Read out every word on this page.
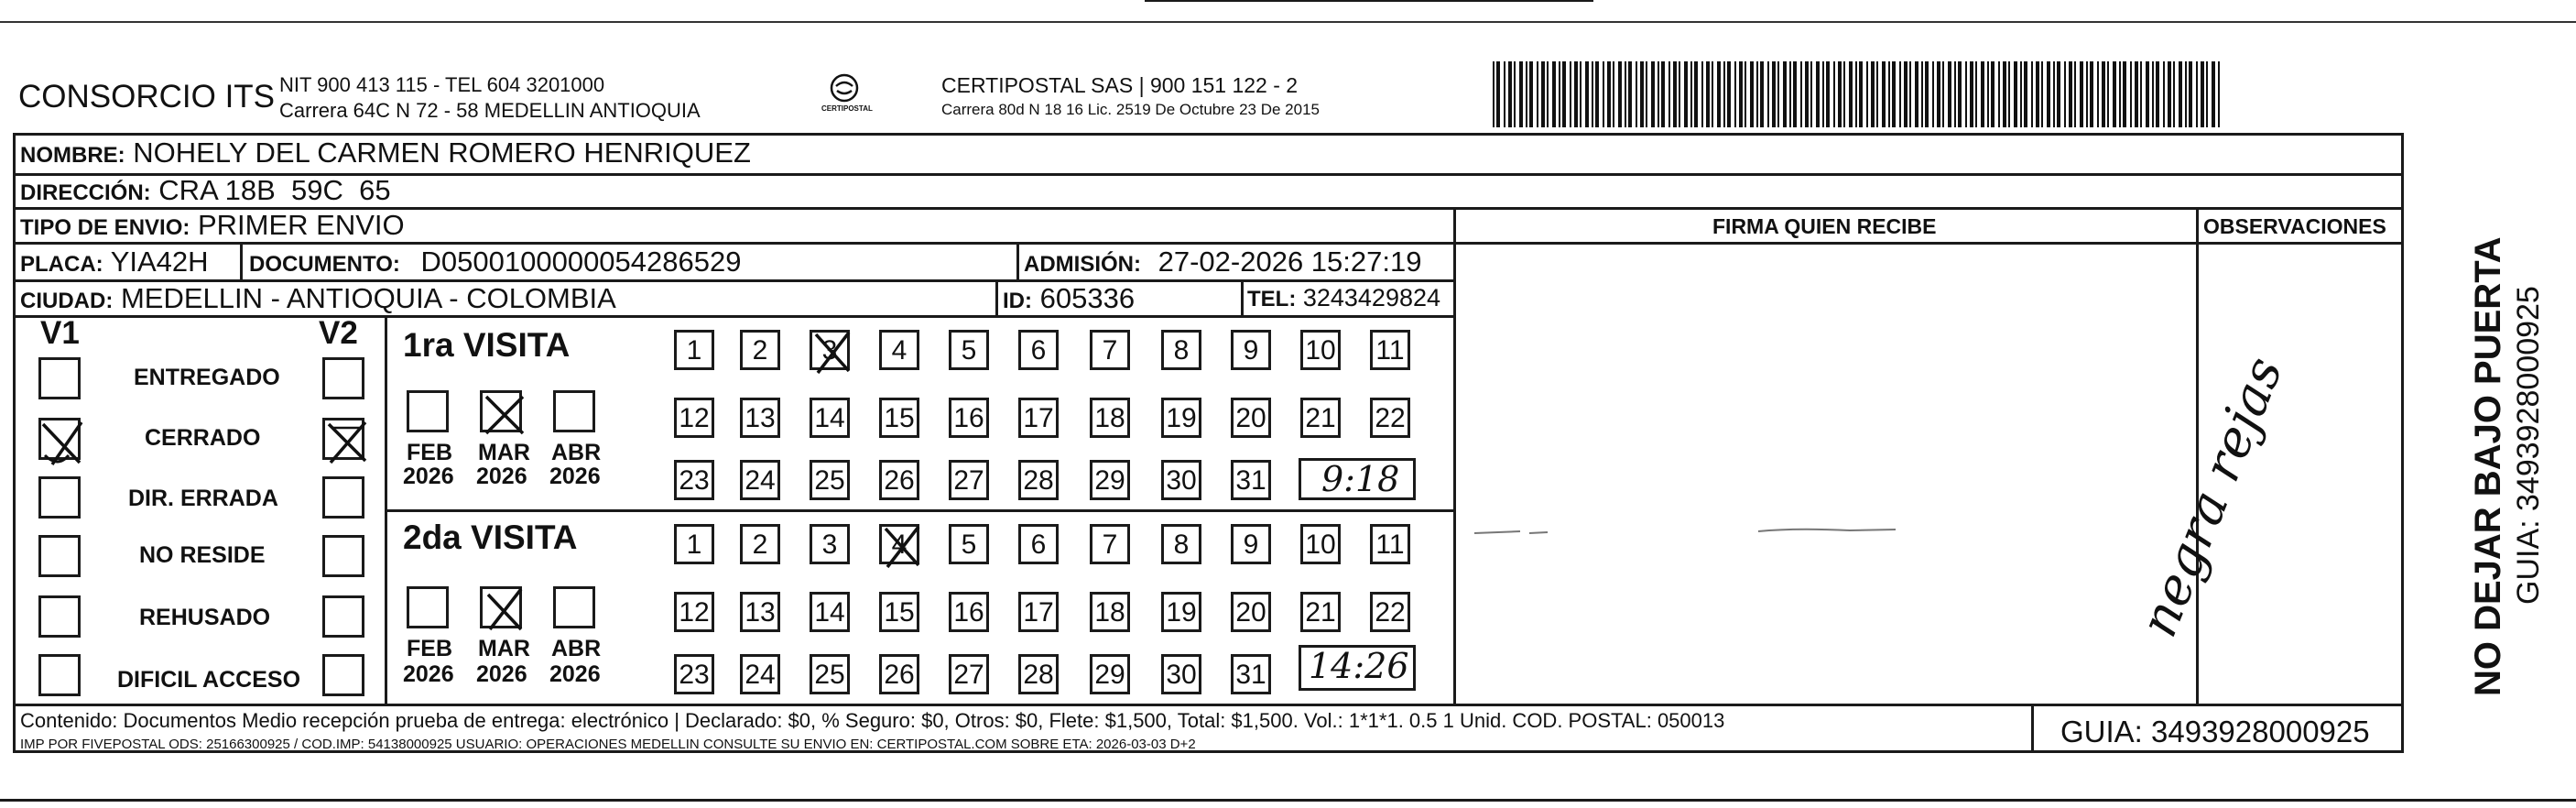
CONSORCIO ITS NIT 900 413 115 - TEL 604 3201000
Carrera 64C N 72 - 58 MEDELLIN ANTIOQUIA	CERTIPOSTAL
CERTIPOSTAL SAS | 900 151 122 - 2
Carrera 80d N 18 16 Lic. 2519 De Octubre 23 De 2015
NOMBRE: NOHELY DEL CARMEN ROMERO HENRIQUEZ
DIRECCIÓN: CRA 18B  59C  65
TIPO DE ENVIO: PRIMER ENVIO	FIRMA QUIEN RECIBE	OBSERVACIONES
PLACA: YIA42H DOCUMENTO: D0500100000054286529	ADMISIÓN: 27-02-2026 15:27:19
CIUDAD: MEDELLIN - ANTIOQUIA - COLOMBIA	ID: 605336	TEL: 3243429824
V1	V2
ENTREGADO
CERRADO
DIR. ERRADA
NO RESIDE
REHUSADO
DIFICIL ACCESO
1ra VISITA
FEB MAR ABR
2026 2026 2026
1	2	3	4	5	6	7	8	9	10 11
12 13 14 15 16 17 18 19 20 21 22
23 24 25 26 27 28 29 30 31 9:18
2da VISITA
FEB MAR ABR
2026 2026 2026
1	2	3	4	5	6	7	8	9	10 11
12 13 14 15 16 17 18 19 20 21 22
23 24 25 26 27 28 29 30 31 14:26
negra rejas
Contenido: Documentos Medio recepción prueba de entrega: electrónico | Declarado: $0, % Seguro: $0, Otros: $0, Flete: $1,500, Total: $1,500. Vol.: 1*1*1. 0.5 1 Unid. COD. POSTAL: 050013
IMP POR FIVEPOSTAL ODS: 25166300925 / COD.IMP: 54138000925 USUARIO: OPERACIONES MEDELLIN CONSULTE SU ENVIO EN: CERTIPOSTAL.COM SOBRE ETA: 2026-03-03 D+2	GUIA: 3493928000925
NO DEJAR BAJO PUERTA GUIA: 3493928000925
